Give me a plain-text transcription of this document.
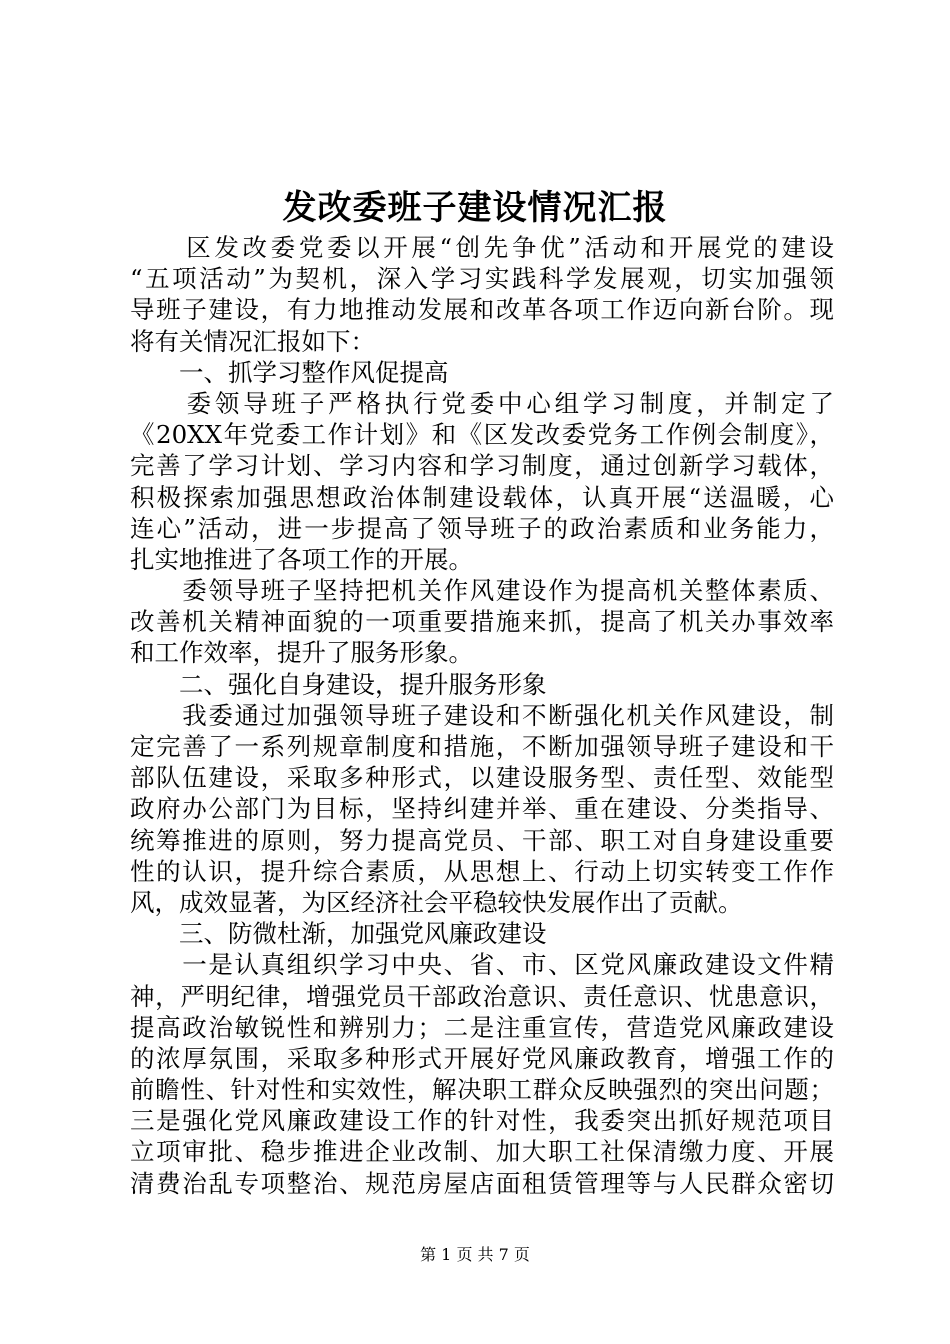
发改委班子建设情况汇报
　　区发改委党委以开展“创先争优”活动和开展党的建设
“五项活动”为契机，深入学习实践科学发展观，切实加强领
导班子建设，有力地推动发展和改革各项工作迈向新台阶。现
将有关情况汇报如下：
　　一、抓学习整作风促提高
　　委领导班子严格执行党委中心组学习制度，并制定了
《20XX年党委工作计划》和《区发改委党务工作例会制度》，
完善了学习计划、学习内容和学习制度，通过创新学习载体，
积极探索加强思想政治体制建设载体，认真开展“送温暖，心
连心”活动，进一步提高了领导班子的政治素质和业务能力，
扎实地推进了各项工作的开展。
　　委领导班子坚持把机关作风建设作为提高机关整体素质、
改善机关精神面貌的一项重要措施来抓，提高了机关办事效率
和工作效率，提升了服务形象。
　　二、强化自身建设，提升服务形象
　　我委通过加强领导班子建设和不断强化机关作风建设，制
定完善了一系列规章制度和措施，不断加强领导班子建设和干
部队伍建设，采取多种形式，以建设服务型、责任型、效能型
政府办公部门为目标，坚持纠建并举、重在建设、分类指导、
统筹推进的原则，努力提高党员、干部、职工对自身建设重要
性的认识，提升综合素质，从思想上、行动上切实转变工作作
风，成效显著，为区经济社会平稳较快发展作出了贡献。
　　三、防微杜渐，加强党风廉政建设
　　一是认真组织学习中央、省、市、区党风廉政建设文件精
神，严明纪律，增强党员干部政治意识、责任意识、忧患意识，
提高政治敏锐性和辨别力；二是注重宣传，营造党风廉政建设
的浓厚氛围，采取多种形式开展好党风廉政教育，增强工作的
前瞻性、针对性和实效性，解决职工群众反映强烈的突出问题；
三是强化党风廉政建设工作的针对性，我委突出抓好规范项目
立项审批、稳步推进企业改制、加大职工社保清缴力度、开展
清费治乱专项整治、规范房屋店面租赁管理等与人民群众密切
第 1 页 共 7 页
